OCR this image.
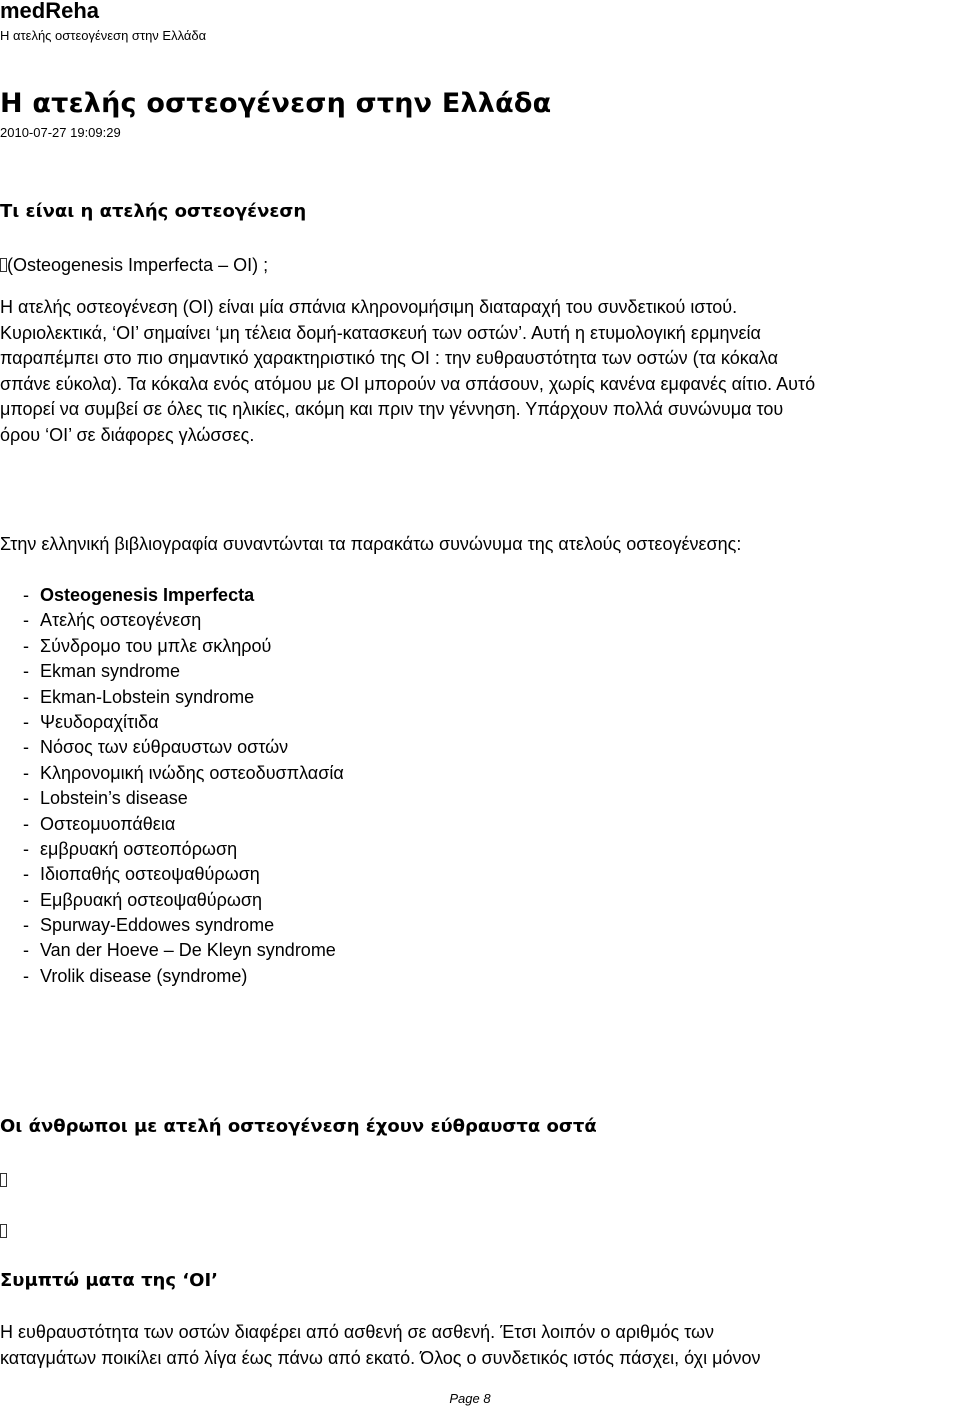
medReha
Η ατελής οστεογένεση στην Ελλάδα
Η ατελής οστεογένεση στην Ελλάδα
2010-07-27 19:09:29
Τι είναι η ατελής οστεογένεση
(Osteogenesis Imperfecta – OI) ;
Η ατελής οστεογένεση (OI) είναι μία σπάνια κληρονομήσιμη διαταραχή του συνδετικού ιστού.
Κυριολεκτικά, ‘OI’ σημαίνει ‘μη τέλεια δομή-κατασκευή των οστών’. Αυτή η ετυμολογική ερμηνεία
παραπέμπει στο πιο σημαντικό χαρακτηριστικό της OI : την ευθραυστότητα των οστών (τα κόκαλα
σπάνε εύκολα). Τα κόκαλα ενός ατόμου με OI μπορούν να σπάσουν, χωρίς κανένα εμφανές αίτιο. Αυτό
μπορεί να συμβεί σε όλες τις ηλικίες, ακόμη και πριν την γέννηση. Υπάρχουν πολλά συνώνυμα του
όρου ‘OI’ σε διάφορες γλώσσες.
Στην ελληνική βιβλιογραφία συναντώνται τα παρακάτω συνώνυμα της ατελούς οστεογένεσης:
- Osteogenesis Imperfecta
- Ατελής οστεογένεση
- Σύνδρομο του μπλε σκληρού
- Ekman syndrome
- Ekman-Lobstein syndrome
- Ψευδοραχίτιδα
- Νόσος των εύθραυστων οστών
- Κληρονομική ινώδης οστεοδυσπλασία
- Lobstein’s disease
- Οστεομυοπάθεια
- εμβρυακή οστεοπόρωση
- Ιδιοπαθής οστεοψαθύρωση
- Εμβρυακή οστεοψαθύρωση
- Spurway-Eddowes syndrome
- Van der Hoeve – De Kleyn syndrome
- Vrolik disease (syndrome)
Οι άνθρωποι με ατελή οστεογένεση έχουν εύθραυστα οστά
Συμπτώ ματα της ‘OI’
Η ευθραυστότητα των οστών διαφέρει από ασθενή σε ασθενή. Έτσι λοιπόν ο αριθμός των
καταγμάτων ποικίλει από λίγα έως πάνω από εκατό. Όλος ο συνδετικός ιστός πάσχει, όχι μόνον
Page 8
